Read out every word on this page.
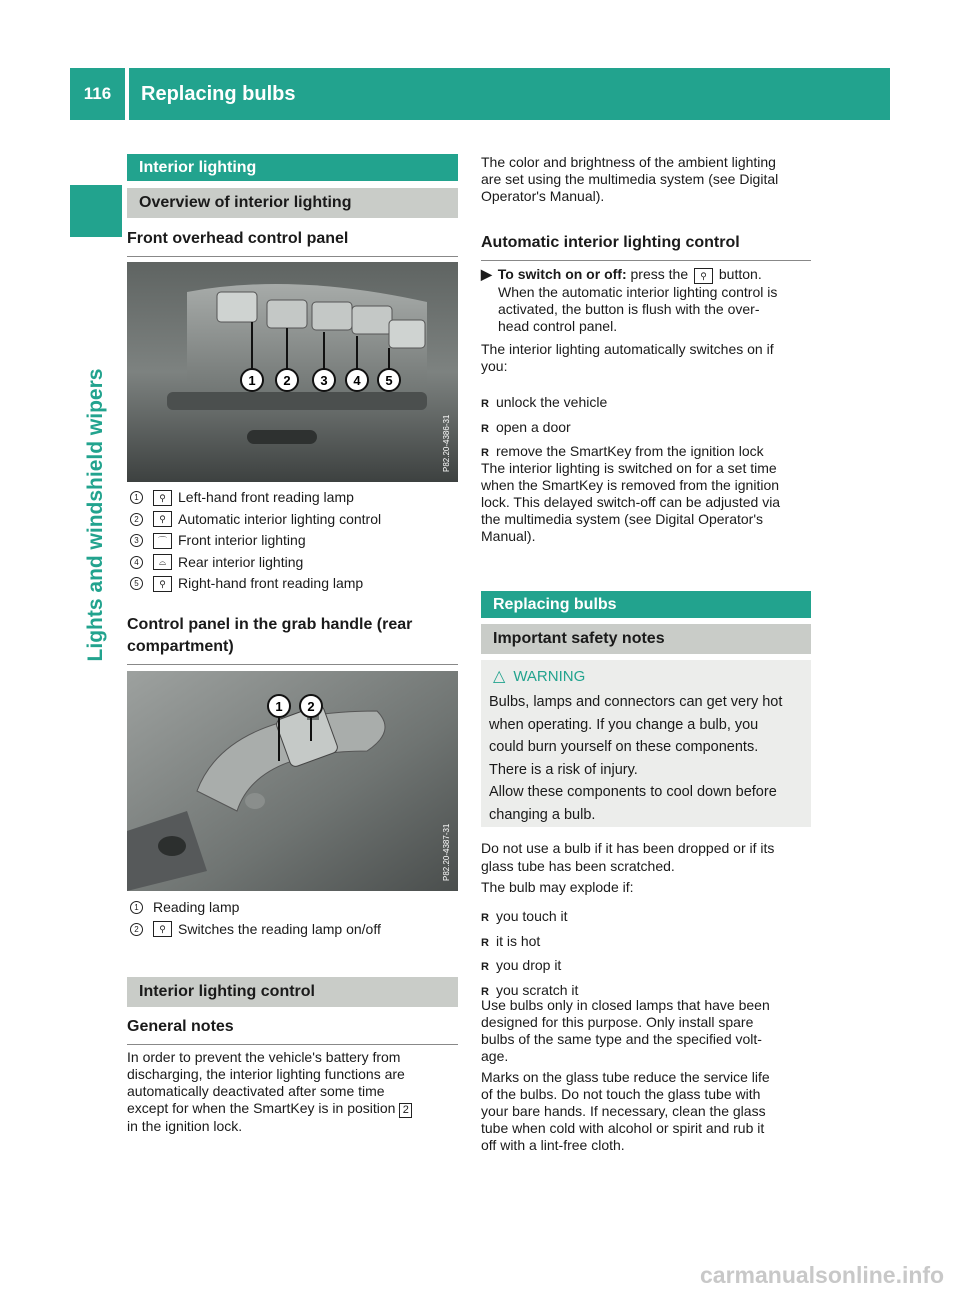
116	Replacing bulbs
Lights and windshield wipers
Interior lighting
Overview of interior lighting
Front overhead control panel
1 2 3 4 5
P82.20-4386-31
1	⚲ Left-hand front reading lamp
2	⚲ Automatic interior lighting control
3	⌒ Front interior lighting
4	⌓ Rear interior lighting
5	⚲ Right-hand front reading lamp
Control panel in the grab handle (rear
compartment)
1 2
P82.20-4387-31
1	Reading lamp
2	⚲ Switches the reading lamp on/off
Interior lighting control
General notes
In order to prevent the vehicle's battery from
discharging, the interior lighting functions are
automatically deactivated after some time
except for when the SmartKey is in position 2
in the ignition lock.
The color and brightness of the ambient lighting
are set using the multimedia system (see Digital
Operator's Manual).
Automatic interior lighting control
▶ To switch on or off: press the ⚲ button.
When the automatic interior lighting control is
activated, the button is flush with the over-
head control panel.
The interior lighting automatically switches on if
you:
R unlock the vehicle
R open a door
R remove the SmartKey from the ignition lock
The interior lighting is switched on for a set time
when the SmartKey is removed from the ignition
lock. This delayed switch-off can be adjusted via
the multimedia system (see Digital Operator's
Manual).
Replacing bulbs
Important safety notes
△ WARNING
Bulbs, lamps and connectors can get very hot
when operating. If you change a bulb, you
could burn yourself on these components.
There is a risk of injury.
Allow these components to cool down before
changing a bulb.
Do not use a bulb if it has been dropped or if its
glass tube has been scratched.
The bulb may explode if:
R you touch it
R it is hot
R you drop it
R you scratch it
Use bulbs only in closed lamps that have been
designed for this purpose. Only install spare
bulbs of the same type and the specified volt-
age.
Marks on the glass tube reduce the service life
of the bulbs. Do not touch the glass tube with
your bare hands. If necessary, clean the glass
tube when cold with alcohol or spirit and rub it
off with a lint-free cloth.
carmanualsonline.info
